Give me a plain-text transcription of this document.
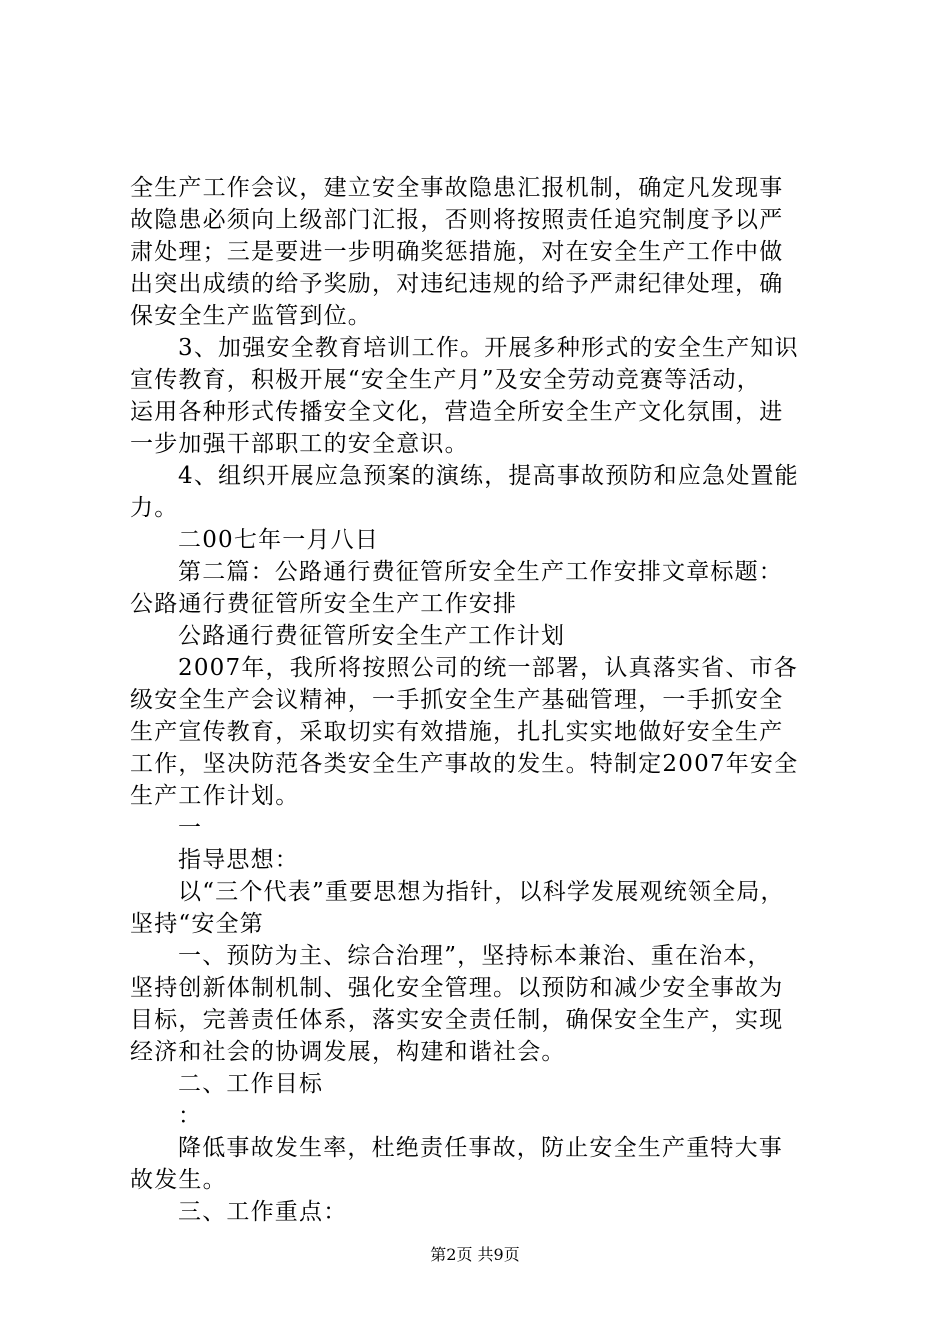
全生产工作会议，建立安全事故隐患汇报机制，确定凡发现事
故隐患必须向上级部门汇报，否则将按照责任追究制度予以严
肃处理；三是要进一步明确奖惩措施，对在安全生产工作中做
出突出成绩的给予奖励，对违纪违规的给予严肃纪律处理，确
保安全生产监管到位。
3、加强安全教育培训工作。开展多种形式的安全生产知识
宣传教育，积极开展“安全生产月”及安全劳动竞赛等活动，
运用各种形式传播安全文化，营造全所安全生产文化氛围，进
一步加强干部职工的安全意识。
4、组织开展应急预案的演练，提高事故预防和应急处置能
力。
二00七年一月八日
第二篇：公路通行费征管所安全生产工作安排文章标题：
公路通行费征管所安全生产工作安排
公路通行费征管所安全生产工作计划
2007年，我所将按照公司的统一部署，认真落实省、市各
级安全生产会议精神，一手抓安全生产基础管理，一手抓安全
生产宣传教育，采取切实有效措施，扎扎实实地做好安全生产
工作，坚决防范各类安全生产事故的发生。特制定2007年安全
生产工作计划。
一
指导思想：
以“三个代表”重要思想为指针，以科学发展观统领全局，
坚持“安全第
一、预防为主、综合治理”，坚持标本兼治、重在治本，
坚持创新体制机制、强化安全管理。以预防和减少安全事故为
目标，完善责任体系，落实安全责任制，确保安全生产，实现
经济和社会的协调发展，构建和谐社会。
二、工作目标
：
降低事故发生率，杜绝责任事故，防止安全生产重特大事
故发生。
三、工作重点：
第2页 共9页
